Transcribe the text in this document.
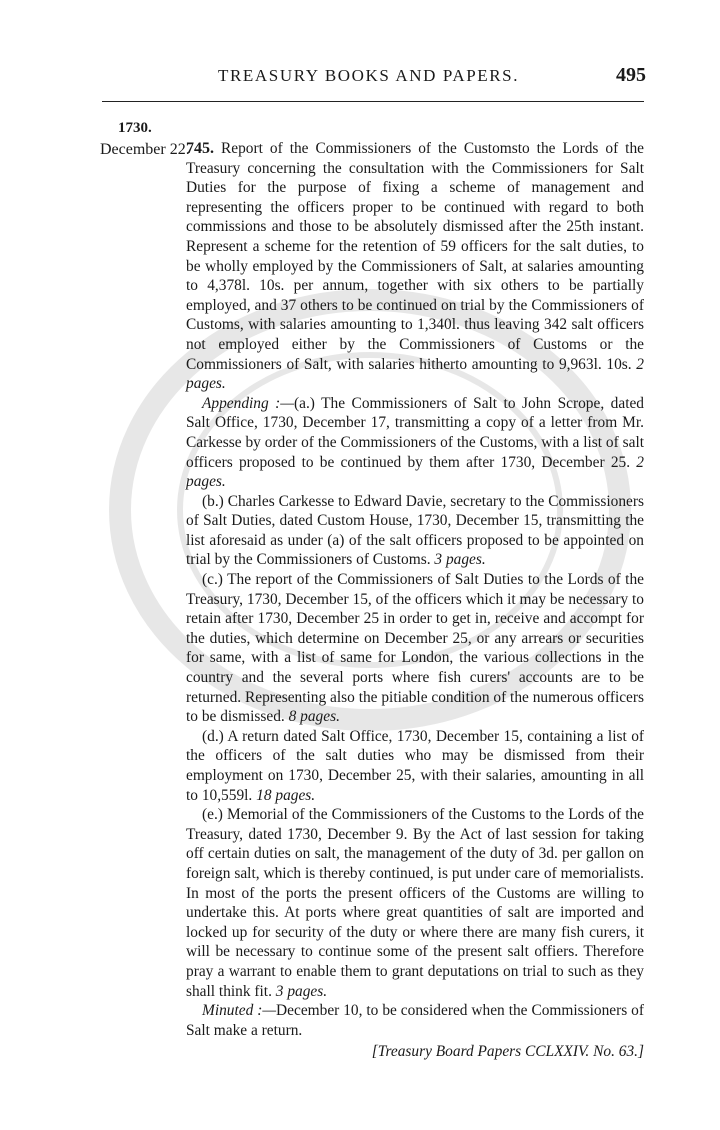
TREASURY BOOKS AND PAPERS.	495
1730.
December 22.

745. Report of the Commissioners of the Customsto the Lords of the Treasury concerning the consultation with the Commissioners for Salt Duties for the purpose of fixing a scheme of management and representing the officers proper to be continued with regard to both commissions and those to be absolutely dismissed after the 25th instant. Represent a scheme for the retention of 59 officers for the salt duties, to be wholly employed by the Commissioners of Salt, at salaries amounting to 4,378l. 10s. per annum, together with six others to be partially employed, and 37 others to be continued on trial by the Commissioners of Customs, with salaries amounting to 1,340l. thus leaving 342 salt officers not employed either by the Commissioners of Customs or the Commissioners of Salt, with salaries hitherto amounting to 9,963l. 10s. 2 pages.

Appending :—(a.) The Commissioners of Salt to John Scrope, dated Salt Office, 1730, December 17, transmitting a copy of a letter from Mr. Carkesse by order of the Commissioners of the Customs, with a list of salt officers proposed to be continued by them after 1730, December 25. 2 pages.

(b.) Charles Carkesse to Edward Davie, secretary to the Commissioners of Salt Duties, dated Custom House, 1730, December 15, transmitting the list aforesaid as under (a) of the salt officers proposed to be appointed on trial by the Commissioners of Customs. 3 pages.

(c.) The report of the Commissioners of Salt Duties to the Lords of the Treasury, 1730, December 15, of the officers which it may be necessary to retain after 1730, December 25 in order to get in, receive and accompt for the duties, which determine on December 25, or any arrears or securities for same, with a list of same for London, the various collections in the country and the several ports where fish curers' accounts are to be returned. Representing also the pitiable condition of the numerous officers to be dismissed. 8 pages.

(d.) A return dated Salt Office, 1730, December 15, containing a list of the officers of the salt duties who may be dismissed from their employment on 1730, December 25, with their salaries, amounting in all to 10,559l. 18 pages.

(e.) Memorial of the Commissioners of the Customs to the Lords of the Treasury, dated 1730, December 9. By the Act of last session for taking off certain duties on salt, the management of the duty of 3d. per gallon on foreign salt, which is thereby continued, is put under care of memorialists. In most of the ports the present officers of the Customs are willing to undertake this. At ports where great quantities of salt are imported and locked up for security of the duty or where there are many fish curers, it will be necessary to continue some of the present salt offiers. Therefore pray a warrant to enable them to grant deputations on trial to such as they shall think fit. 3 pages.

Minuted :—December 10, to be considered when the Commissioners of Salt make a return.

[Treasury Board Papers CCLXXIV. No. 63.]
